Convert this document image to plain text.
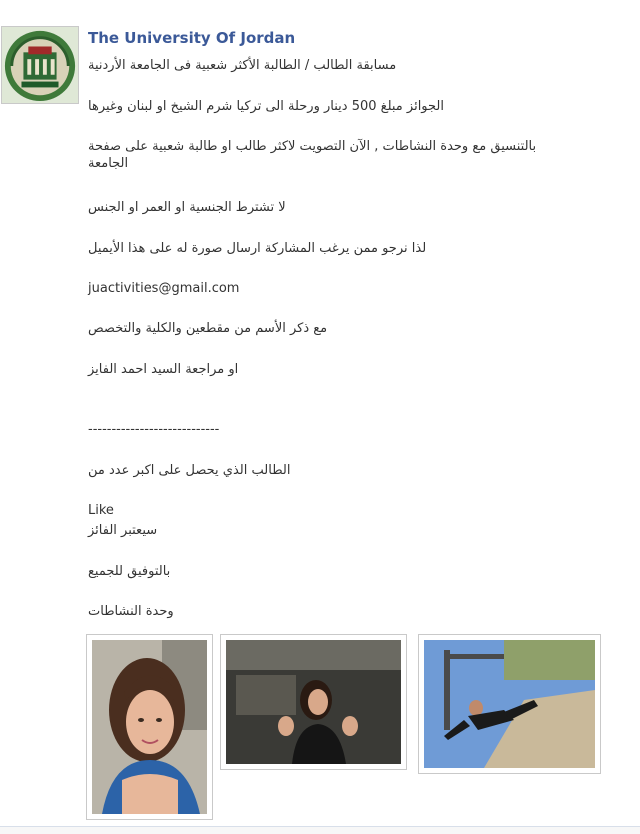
The University Of Jordan
مسابقة الطالب / الطالبة الأكثر شعبية فى الجامعة الأردنية
الجوائز مبلغ 500 دينار ورحلة الى تركيا شرم الشيخ او لبنان وغيرها
بالتنسيق مع وحدة النشاطات , الآن التصويت لاكثر طالب او طالبة شعبية على صفحة الجامعة
لا تشترط الجنسية او العمر او الجنس
لذا نرجو ممن يرغب المشاركة ارسال صورة له على هذا الأيميل
juactivities@gmail.com
مع ذكر الأسم من مقطعين والكلية والتخصص
او مراجعة السيد احمد الفايز
----------------------------
الطالب الذي يحصل على اكبر عدد من
Like
سيعتبر الفائز
بالتوفيق للجميع
وحدة النشاطات
